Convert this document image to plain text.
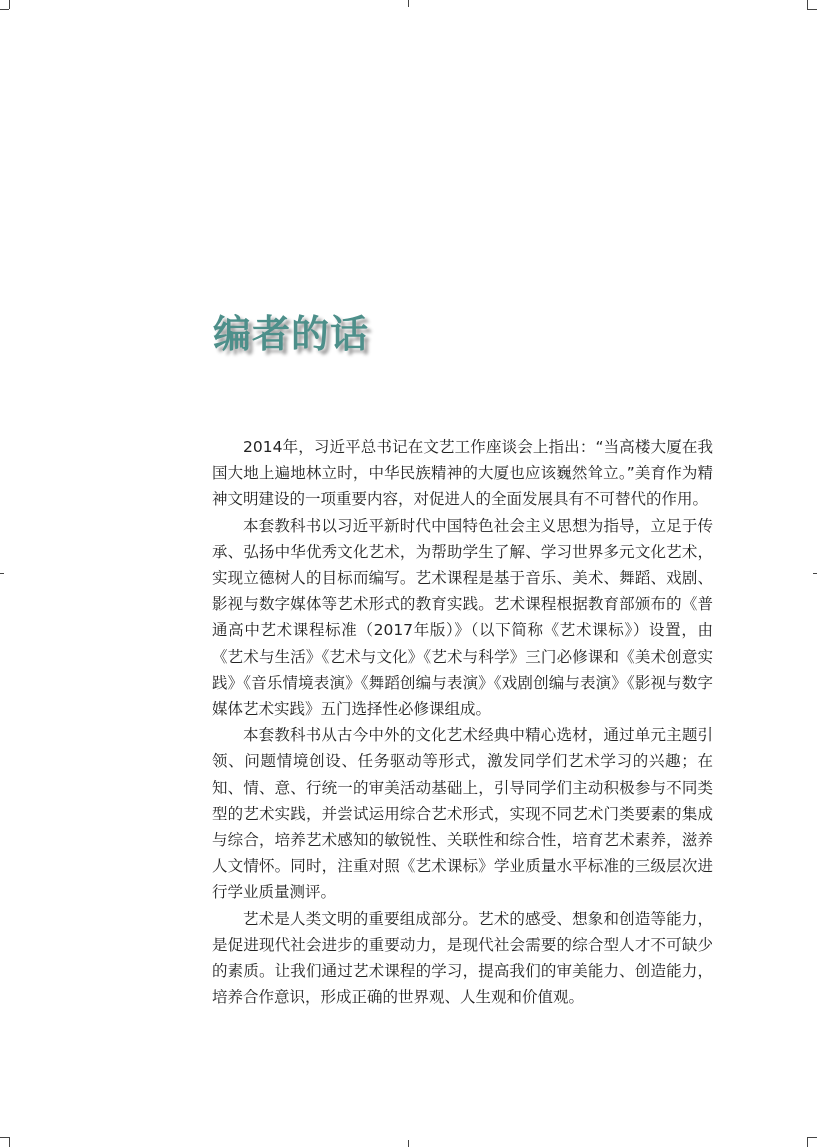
编者的话

2014年，习近平总书记在文艺工作座谈会上指出：“当高楼大厦在我国大地上遍地林立时，中华民族精神的大厦也应该巍然耸立。”美育作为精神文明建设的一项重要内容，对促进人的全面发展具有不可替代的作用。

本套教科书以习近平新时代中国特色社会主义思想为指导，立足于传承、弘扬中华优秀文化艺术，为帮助学生了解、学习世界多元文化艺术，实现立德树人的目标而编写。艺术课程是基于音乐、美术、舞蹈、戏剧、影视与数字媒体等艺术形式的教育实践。艺术课程根据教育部颁布的《普通高中艺术课程标准（2017年版）》（以下简称《艺术课标》）设置，由《艺术与生活》《艺术与文化》《艺术与科学》三门必修课和《美术创意实践》《音乐情境表演》《舞蹈创编与表演》《戏剧创编与表演》《影视与数字媒体艺术实践》五门选择性必修课组成。

本套教科书从古今中外的文化艺术经典中精心选材，通过单元主题引领、问题情境创设、任务驱动等形式，激发同学们艺术学习的兴趣；在知、情、意、行统一的审美活动基础上，引导同学们主动积极参与不同类型的艺术实践，并尝试运用综合艺术形式，实现不同艺术门类要素的集成与综合，培养艺术感知的敏锐性、关联性和综合性，培育艺术素养，滋养人文情怀。同时，注重对照《艺术课标》学业质量水平标准的三级层次进行学业质量测评。

艺术是人类文明的重要组成部分。艺术的感受、想象和创造等能力，是促进现代社会进步的重要动力，是现代社会需要的综合型人才不可缺少的素质。让我们通过艺术课程的学习，提高我们的审美能力、创造能力，培养合作意识，形成正确的世界观、人生观和价值观。
